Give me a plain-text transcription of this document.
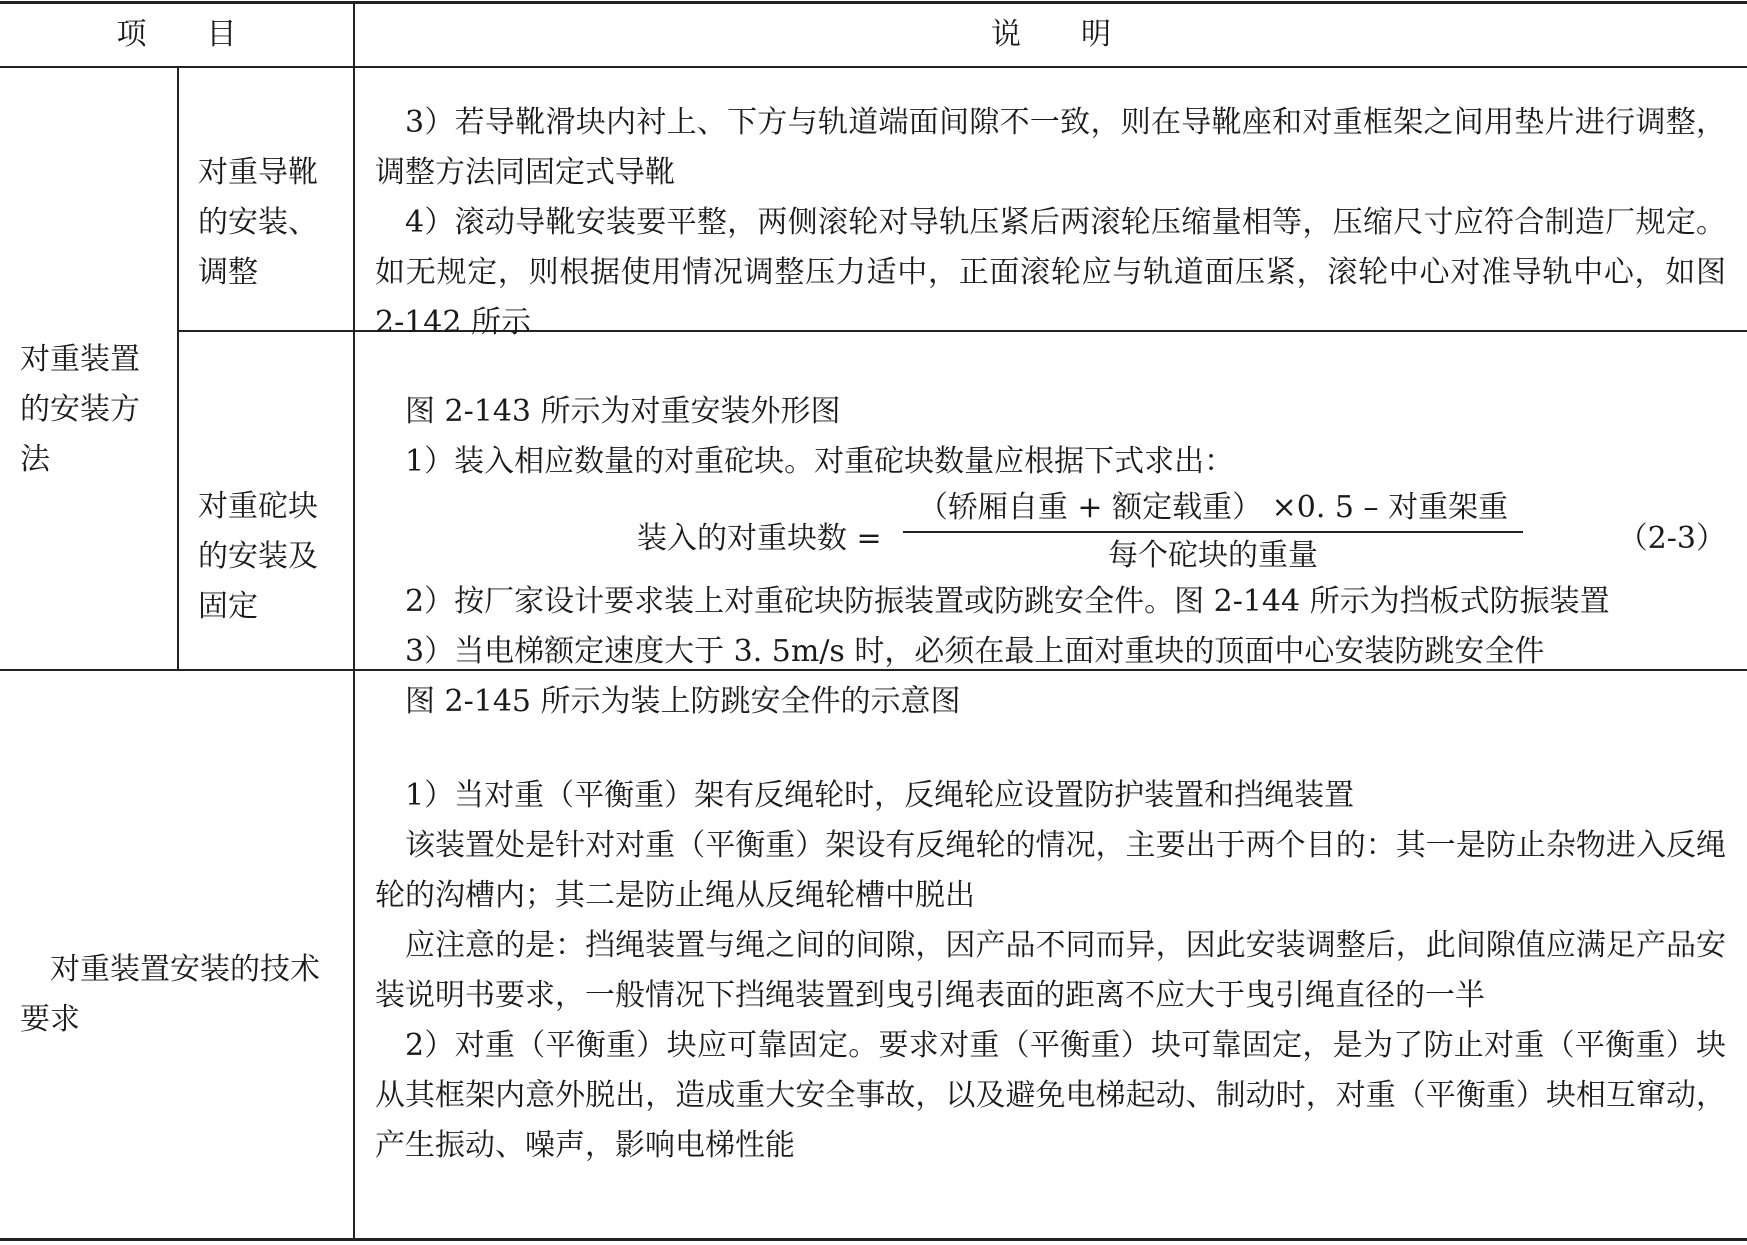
项　　目	说　　明
对重装置的安装方法
对重导靴的安装、调整

3）若导靴滑块内衬上、下方与轨道端面间隙不一致，则在导靴座和对重框架之间用垫片进行调整，调整方法同固定式导靴

4）滚动导靴安装要平整，两侧滚轮对导轨压紧后两滚轮压缩量相等，压缩尺寸应符合制造厂规定。如无规定，则根据使用情况调整压力适中，正面滚轮应与轨道面压紧，滚轮中心对准导轨中心，如图 2-142 所示

对重砣块的安装及固定

图 2-143 所示为对重安装外形图

1）装入相应数量的对重砣块。对重砣块数量应根据下式求出：

装入的对重块数 =
（轿厢自重 + 额定载重） ×0. 5 – 对重架重
每个砣块的重量	（2-3）

2）按厂家设计要求装上对重砣块防振装置或防跳安全件。图 2-144 所示为挡板式防振装置

3）当电梯额定速度大于 3. 5m/s 时，必须在最上面对重块的顶面中心安装防跳安全件

图 2-145 所示为装上防跳安全件的示意图

对重装置安装的技术要求

1）当对重（平衡重）架有反绳轮时，反绳轮应设置防护装置和挡绳装置

该装置处是针对对重（平衡重）架设有反绳轮的情况，主要出于两个目的：其一是防止杂物进入反绳轮的沟槽内；其二是防止绳从反绳轮槽中脱出

应注意的是：挡绳装置与绳之间的间隙，因产品不同而异，因此安装调整后，此间隙值应满足产品安装说明书要求，一般情况下挡绳装置到曳引绳表面的距离不应大于曳引绳直径的一半

2）对重（平衡重）块应可靠固定。要求对重（平衡重）块可靠固定，是为了防止对重（平衡重）块从其框架内意外脱出，造成重大安全事故，以及避免电梯起动、制动时，对重（平衡重）块相互窜动，产生振动、噪声，影响电梯性能
